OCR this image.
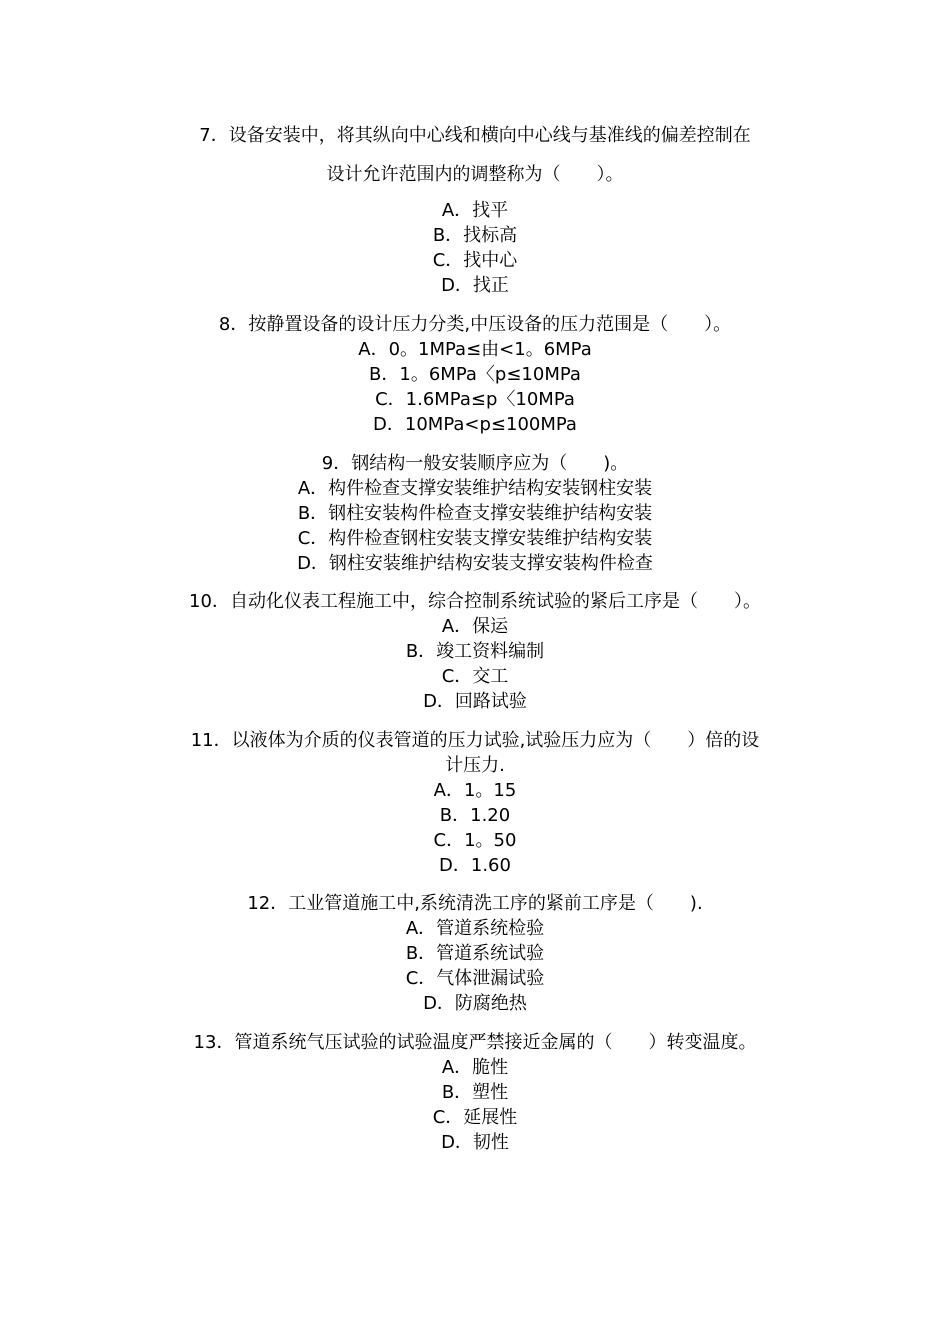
7．设备安装中，将其纵向中心线和横向中心线与基准线的偏差控制在
设计允许范围内的调整称为（　　）。
A．找平
B．找标高
C．找中心
D．找正
8．按静置设备的设计压力分类,中压设备的压力范围是（　　）。
A．0。1MPa≤由<1。6MPa
B．1。6MPa〈p≤10MPa
C．1.6MPa≤p〈10MPa
D．10MPa<p≤100MPa
9．钢结构一般安装顺序应为（　　)。
A．构件检查支撑安装维护结构安装钢柱安装
B．钢柱安装构件检查支撑安装维护结构安装
C．构件检查钢柱安装支撑安装维护结构安装
D．钢柱安装维护结构安装支撑安装构件检查
10．自动化仪表工程施工中，综合控制系统试验的紧后工序是（　　）。
A．保运
B．竣工资料编制
C．交工
D．回路试验
11．以液体为介质的仪表管道的压力试验,试验压力应为（　　）倍的设
计压力.
A．1。15
B．1.20
C．1。50
D．1.60
12．工业管道施工中,系统清洗工序的紧前工序是（　　).
A．管道系统检验
B．管道系统试验
C．气体泄漏试验
D．防腐绝热
13．管道系统气压试验的试验温度严禁接近金属的（　　）转变温度。
A．脆性
B．塑性
C．延展性
D．韧性
